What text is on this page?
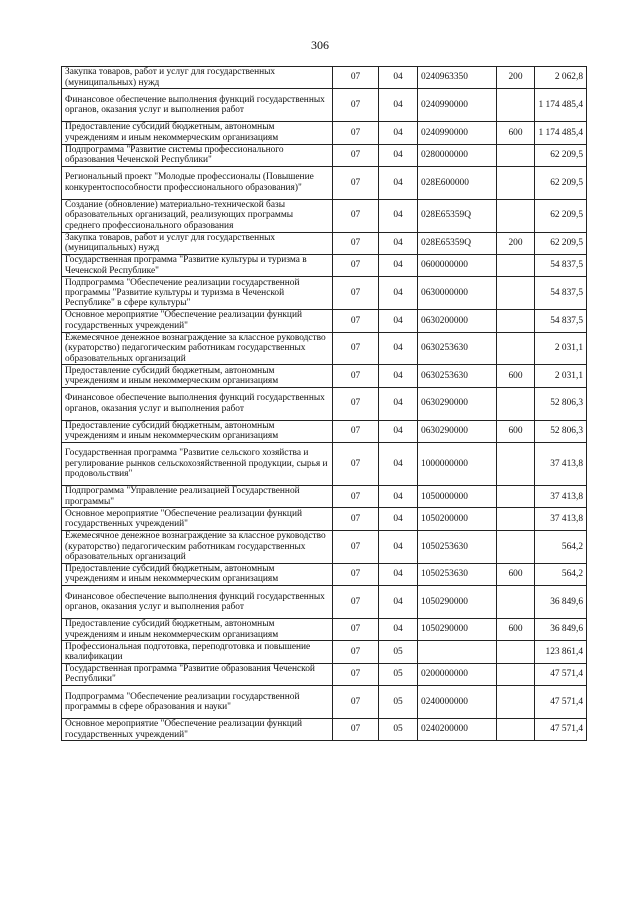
306
Закупка товаров, работ и услуг для государственных (муниципальных) нужд	07	04	0240963350	200	2 062,8
Финансовое обеспечение выполнения функций государственных органов, оказания услуг и выполнения работ	07	04	0240990000		1 174 485,4
Предоставление субсидий бюджетным, автономным учреждениям и иным некоммерческим организациям	07	04	0240990000	600	1 174 485,4
Подпрограмма "Развитие системы профессионального образования Чеченской Республики"	07	04	0280000000		62 209,5
Региональный проект "Молодые профессионалы (Повышение конкурентоспособности профессионального образования)"	07	04	028E600000		62 209,5
Создание (обновление) материально-технической базы образовательных организаций, реализующих программы среднего профессионального образования	07	04	028E65359Q		62 209,5
Закупка товаров, работ и услуг для государственных (муниципальных) нужд	07	04	028E65359Q	200	62 209,5
Государственная программа "Развитие культуры и туризма в Чеченской Республике"	07	04	0600000000		54 837,5
Подпрограмма "Обеспечение реализации государственной программы "Развитие культуры и туризма в Чеченской Республике" в сфере культуры"	07	04	0630000000		54 837,5
Основное мероприятие "Обеспечение реализации функций государственных учреждений"	07	04	0630200000		54 837,5
Ежемесячное денежное вознаграждение за классное руководство (кураторство) педагогическим работникам государственных образовательных организаций	07	04	0630253630		2 031,1
Предоставление субсидий бюджетным, автономным учреждениям и иным некоммерческим организациям	07	04	0630253630	600	2 031,1
Финансовое обеспечение выполнения функций государственных органов, оказания услуг и выполнения работ	07	04	0630290000		52 806,3
Предоставление субсидий бюджетным, автономным учреждениям и иным некоммерческим организациям	07	04	0630290000	600	52 806,3
Государственная программа "Развитие сельского хозяйства и регулирование рынков сельскохозяйственной продукции, сырья и продовольствия"	07	04	1000000000		37 413,8
Подпрограмма "Управление реализацией Государственной программы"	07	04	1050000000		37 413,8
Основное мероприятие "Обеспечение реализации функций государственных учреждений"	07	04	1050200000		37 413,8
Ежемесячное денежное вознаграждение за классное руководство (кураторство) педагогическим работникам государственных образовательных организаций	07	04	1050253630		564,2
Предоставление субсидий бюджетным, автономным учреждениям и иным некоммерческим организациям	07	04	1050253630	600	564,2
Финансовое обеспечение выполнения функций государственных органов, оказания услуг и выполнения работ	07	04	1050290000		36 849,6
Предоставление субсидий бюджетным, автономным учреждениям и иным некоммерческим организациям	07	04	1050290000	600	36 849,6
Профессиональная подготовка, переподготовка и повышение квалификации	07	05			123 861,4
Государственная программа "Развитие образования Чеченской Республики"	07	05	0200000000		47 571,4
Подпрограмма "Обеспечение реализации государственной программы в сфере образования и науки"	07	05	0240000000		47 571,4
Основное мероприятие "Обеспечение реализации функций государственных учреждений"	07	05	0240200000		47 571,4
